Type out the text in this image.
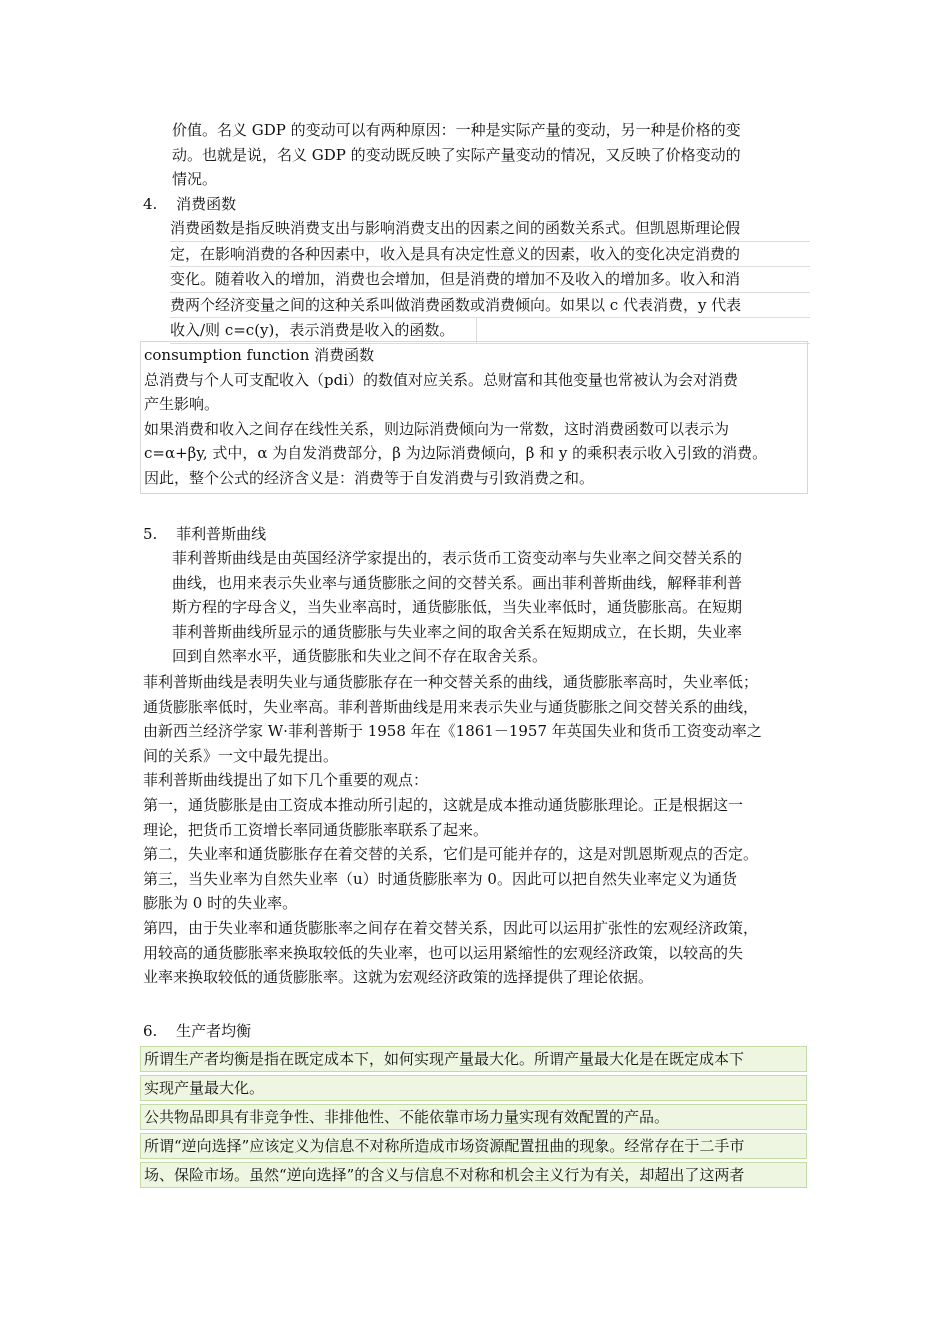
价值。名义 GDP 的变动可以有两种原因：一种是实际产量的变动，另一种是价格的变
动。也就是说，名义 GDP 的变动既反映了实际产量变动的情况，又反映了价格变动的
情况。
4. 消费函数
消费函数是指反映消费支出与影响消费支出的因素之间的函数关系式。但凯恩斯理论假
定，在影响消费的各种因素中，收入是具有决定性意义的因素，收入的变化决定消费的
变化。随着收入的增加，消费也会增加，但是消费的增加不及收入的增加多。收入和消
费两个经济变量之间的这种关系叫做消费函数或消费倾向。如果以 c 代表消费，y 代表
收入/则 c=c(y)，表示消费是收入的函数。
consumption function 消费函数
总消费与个人可支配收入（pdi）的数值对应关系。总财富和其他变量也常被认为会对消费
产生影响。
如果消费和收入之间存在线性关系，则边际消费倾向为一常数，这时消费函数可以表示为
c=α+βy, 式中，α 为自发消费部分，β 为边际消费倾向，β 和 y 的乘积表示收入引致的消费。
因此，整个公式的经济含义是：消费等于自发消费与引致消费之和。
5. 菲利普斯曲线
菲利普斯曲线是由英国经济学家提出的，表示货币工资变动率与失业率之间交替关系的
曲线，也用来表示失业率与通货膨胀之间的交替关系。画出菲利普斯曲线，解释菲利普
斯方程的字母含义，当失业率高时，通货膨胀低，当失业率低时，通货膨胀高。在短期
菲利普斯曲线所显示的通货膨胀与失业率之间的取舍关系在短期成立，在长期，失业率
回到自然率水平，通货膨胀和失业之间不存在取舍关系。
菲利普斯曲线是表明失业与通货膨胀存在一种交替关系的曲线，通货膨胀率高时，失业率低；
通货膨胀率低时，失业率高。菲利普斯曲线是用来表示失业与通货膨胀之间交替关系的曲线，
由新西兰经济学家 W·菲利普斯于 1958 年在《1861－1957 年英国失业和货币工资变动率之
间的关系》一文中最先提出。
菲利普斯曲线提出了如下几个重要的观点：
第一，通货膨胀是由工资成本推动所引起的，这就是成本推动通货膨胀理论。正是根据这一
理论，把货币工资增长率同通货膨胀率联系了起来。
第二，失业率和通货膨胀存在着交替的关系，它们是可能并存的，这是对凯恩斯观点的否定。
第三，当失业率为自然失业率（u）时通货膨胀率为 0。因此可以把自然失业率定义为通货
膨胀为 0 时的失业率。
第四，由于失业率和通货膨胀率之间存在着交替关系，因此可以运用扩张性的宏观经济政策，
用较高的通货膨胀率来换取较低的失业率，也可以运用紧缩性的宏观经济政策，以较高的失
业率来换取较低的通货膨胀率。这就为宏观经济政策的选择提供了理论依据。
6. 生产者均衡
所谓生产者均衡是指在既定成本下，如何实现产量最大化。所谓产量最大化是在既定成本下
实现产量最大化。
公共物品即具有非竞争性、非排他性、不能依靠市场力量实现有效配置的产品。
所谓“逆向选择”应该定义为信息不对称所造成市场资源配置扭曲的现象。经常存在于二手市
场、保险市场。虽然“逆向选择”的含义与信息不对称和机会主义行为有关，却超出了这两者
